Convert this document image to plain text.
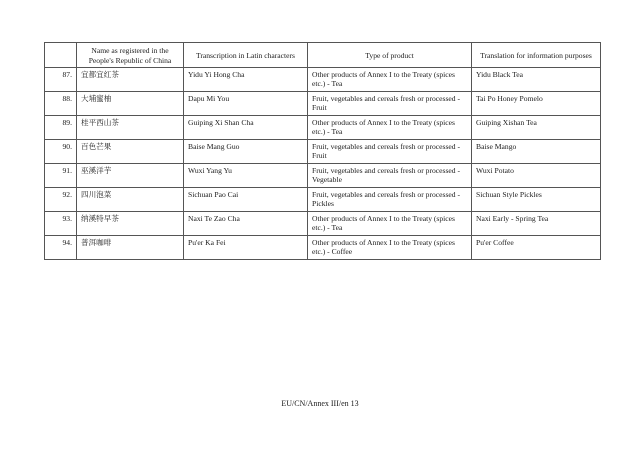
	Name as registered in the People's Republic of China	Transcription in Latin characters	Type of product	Translation for information purposes
87.	宜都宜红茶	Yidu Yi Hong Cha	Other products of Annex I to the Treaty (spices etc.) - Tea	Yidu Black Tea
88.	大埔蜜柚	Dapu Mi You	Fruit, vegetables and cereals fresh or processed - Fruit	Tai Po Honey Pomelo
89.	桂平西山茶	Guiping Xi Shan Cha	Other products of Annex I to the Treaty (spices etc.) - Tea	Guiping Xishan Tea
90.	百色芒果	Baise Mang Guo	Fruit, vegetables and cereals fresh or processed - Fruit	Baise Mango
91.	巫溪洋芋	Wuxi Yang Yu	Fruit, vegetables and cereals fresh or processed - Vegetable	Wuxi Potato
92.	四川泡菜	Sichuan Pao Cai	Fruit, vegetables and cereals fresh or processed - Pickles	Sichuan Style Pickles
93.	纳溪特早茶	Naxi Te Zao Cha	Other products of Annex I to the Treaty (spices etc.) - Tea	Naxi Early - Spring Tea
94.	普洱咖啡	Pu'er Ka Fei	Other products of Annex I to the Treaty (spices etc.) - Coffee	Pu'er Coffee
EU/CN/Annex III/en 13
